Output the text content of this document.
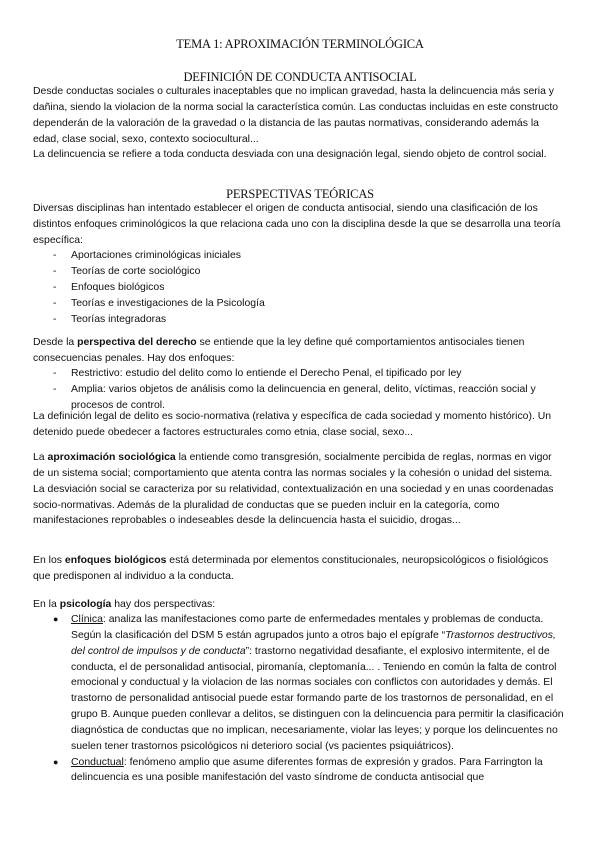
TEMA 1: APROXIMACIÓN TERMINOLÓGICA
DEFINICIÓN DE CONDUCTA ANTISOCIAL
Desde conductas sociales o culturales inaceptables que no implican gravedad, hasta la delincuencia más seria y dañina, siendo la violacion de la norma social la característica común. Las conductas incluidas en este constructo dependerán de la valoración de la gravedad o la distancia de las pautas normativas, considerando además la edad, clase social, sexo, contexto sociocultural...
La delincuencia se refiere a toda conducta desviada con una designación legal, siendo objeto de control social.
PERSPECTIVAS TEÓRICAS
Diversas disciplinas han intentado establecer el origen de conducta antisocial, siendo una clasificación de los distintos enfoques criminológicos la que relaciona cada uno con la disciplina desde la que se desarrolla una teoría específica:
- Aportaciones criminológicas iniciales
- Teorías de corte sociológico
- Enfoques biológicos
- Teorías e investigaciones de la Psicología
- Teorías integradoras
Desde la perspectiva del derecho se entiende que la ley define qué comportamientos antisociales tienen consecuencias penales. Hay dos enfoques:
- Restrictivo: estudio del delito como lo entiende el Derecho Penal, el tipificado por ley
- Amplia: varios objetos de análisis como la delincuencia en general, delito, víctimas, reacción social y procesos de control.
La definición legal de delito es socio-normativa (relativa y específica de cada sociedad y momento histórico). Un detenido puede obedecer a factores estructurales como etnia, clase social, sexo...
La aproximación sociológica la entiende como transgresión, socialmente percibida de reglas, normas en vigor de un sistema social; comportamiento que atenta contra las normas sociales y la cohesión o unidad del sistema. La desviación social se caracteriza por su relatividad, contextualización en una sociedad y en unas coordenadas socio-normativas. Además de la pluralidad de conductas que se pueden incluir en la categoría, como manifestaciones reprobables o indeseables desde la delincuencia hasta el suicidio, drogas...
En los enfoques biológicos está determinada por elementos constitucionales, neuropsicológicos o fisiológicos que predisponen al individuo a la conducta.
En la psicología hay dos perspectivas:
● Clínica: analiza las manifestaciones como parte de enfermedades mentales y problemas de conducta. Según la clasificación del DSM 5 están agrupados junto a otros bajo el epígrafe “Trastornos destructivos, del control de impulsos y de conducta”: trastorno negatividad desafiante, el explosivo intermitente, el de conducta, el de personalidad antisocial, piromanía, cleptomanía... . Teniendo en común la falta de control emocional y conductual y la violacion de las normas sociales con conflictos con autoridades y demás. El trastorno de personalidad antisocial puede estar formando parte de los trastornos de personalidad, en el grupo B. Aunque pueden conllevar a delitos, se distinguen con la delincuencia para permitir la clasificación diagnóstica de conductas que no implican, necesariamente, violar las leyes; y porque los delincuentes no suelen tener trastornos psicológicos ni deterioro social (vs pacientes psiquiátricos).
● Conductual: fenómeno amplio que asume diferentes formas de expresión y grados. Para Farrington la delincuencia es una posible manifestación del vasto síndrome de conducta antisocial que
